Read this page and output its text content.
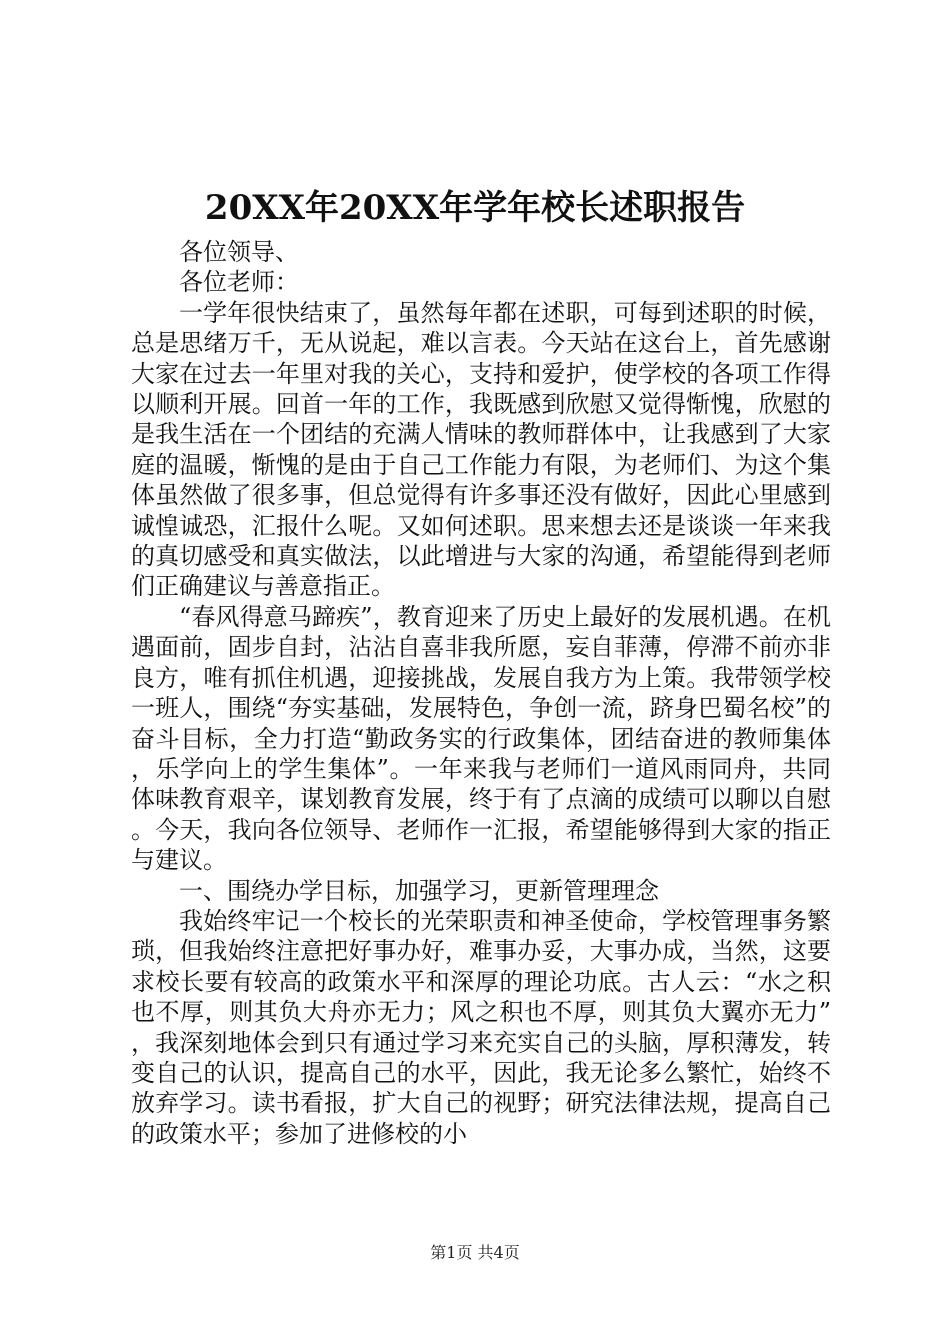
20XX年20XX年学年校长述职报告

各位领导、

各位老师：

一学年很快结束了，虽然每年都在述职，可每到述职的时候，总是思绪万千，无从说起，难以言表。今天站在这台上，首先感谢大家在过去一年里对我的关心，支持和爱护，使学校的各项工作得以顺利开展。回首一年的工作，我既感到欣慰又觉得惭愧，欣慰的是我生活在一个团结的充满人情味的教师群体中，让我感到了大家庭的温暖，惭愧的是由于自己工作能力有限，为老师们、为这个集体虽然做了很多事，但总觉得有许多事还没有做好，因此心里感到诚惶诚恐，汇报什么呢。又如何述职。思来想去还是谈谈一年来我的真切感受和真实做法，以此增进与大家的沟通，希望能得到老师们正确建议与善意指正。

“春风得意马蹄疾”，教育迎来了历史上最好的发展机遇。在机遇面前，固步自封，沾沾自喜非我所愿，妄自菲薄，停滞不前亦非良方，唯有抓住机遇，迎接挑战，发展自我方为上策。我带领学校一班人，围绕“夯实基础，发展特色，争创一流，跻身巴蜀名校”的奋斗目标，全力打造“勤政务实的行政集体，团结奋进的教师集体，乐学向上的学生集体”。一年来我与老师们一道风雨同舟，共同体味教育艰辛，谋划教育发展，终于有了点滴的成绩可以聊以自慰。今天，我向各位领导、老师作一汇报，希望能够得到大家的指正与建议。

一、围绕办学目标，加强学习，更新管理理念

我始终牢记一个校长的光荣职责和神圣使命，学校管理事务繁琐，但我始终注意把好事办好，难事办妥，大事办成，当然，这要求校长要有较高的政策水平和深厚的理论功底。古人云：“水之积也不厚，则其负大舟亦无力；风之积也不厚，则其负大翼亦无力”，我深刻地体会到只有通过学习来充实自己的头脑，厚积薄发，转变自己的认识，提高自己的水平，因此，我无论多么繁忙，始终不放弃学习。读书看报，扩大自己的视野；研究法律法规，提高自己的政策水平；参加了进修校的小

第1页 共4页
